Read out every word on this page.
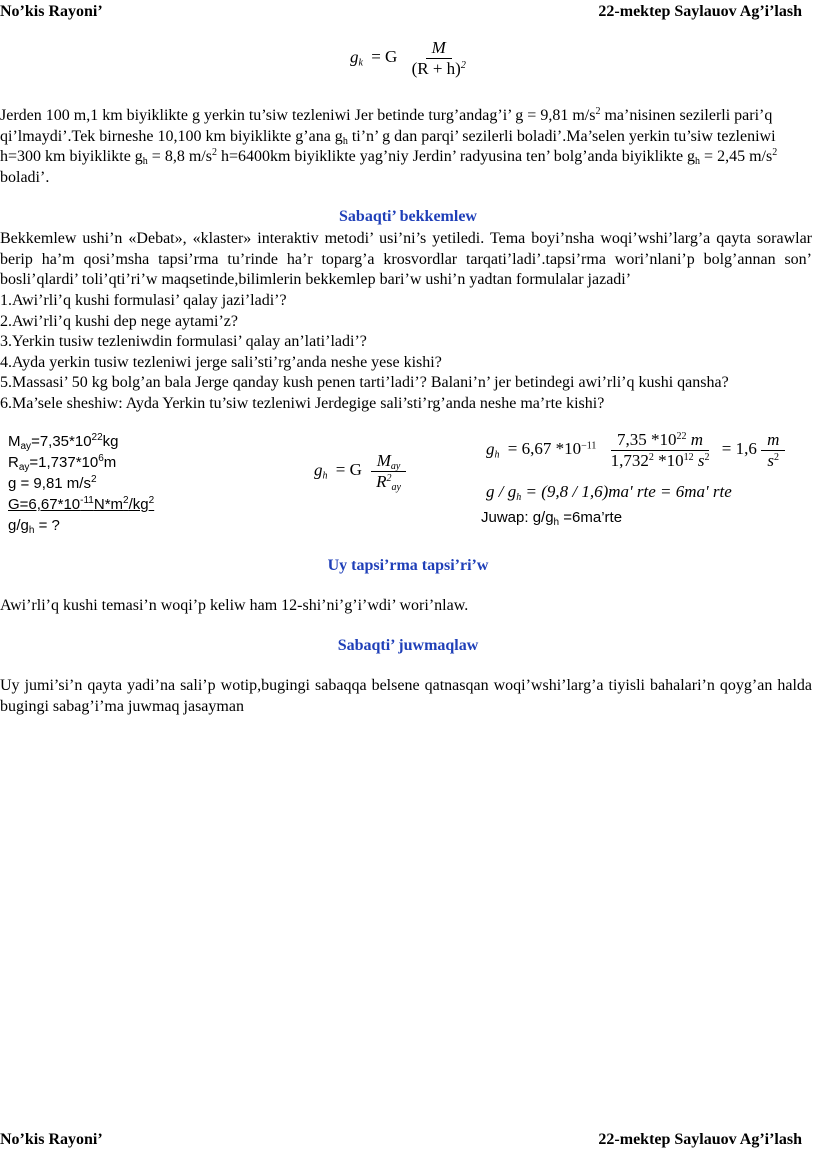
No’kis Rayoni’	22-mektep Saylauov Ag’i’lash
$g_k = G \frac{M}{(R + h)^2}$
Jerden 100 m,1 km biyiklikte g yerkin tu’siw tezleniwi Jer betinde turg’andag’i’ g = 9,81 $m/s^2$ ma’nisinen sezilerli pari’q qi’lmaydi’.Tek birneshe 10,100 km biyiklikte g’ana $g_h$ ti’n’ g dan parqi’ sezilerli boladi’.Ma’selen yerkin tu’siw tezleniwi h=300 km biyiklikte $g_h = 8,8$ $m/s^2$ h=6400km biyiklikte yag’niy Jerdin’ radyusina ten’ bolg’anda biyiklikte $g_h = 2,45$ $m/s^2$ boladi’.
Sabaqti’ bekkemlew
Bekkemlew ushi’n «Debat», «klaster» interaktiv metodi’ usi’ni’s yetiledi. Tema boyi’nsha woqi’wshi’larg’a qayta sorawlar berip ha’m qosi’msha tapsi’rma tu’rinde ha’r toparg’a krosvordlar tarqati’ladi’.tapsi’rma wori’nlani’p bolg’annan son’ bosli’qlardi’ toli’qti’ri’w maqsetinde,bilimlerin bekkemlep bari’w ushi’n yadtan formulalar jazadi’
1.Awi’rli’q kushi formulasi’ qalay jazi’ladi’?
2.Awi’rli’q kushi dep nege aytami’z?
3.Yerkin tusiw tezleniwdin formulasi’ qalay an’lati’ladi’?
4.Ayda yerkin tusiw tezleniwi jerge sali’sti’rg’anda neshe yese kishi?
5.Massasi’ 50 kg bolg’an bala Jerge qanday kush penen tarti’ladi’? Balani’n’ jer betindegi awi’rli’q kushi qansha?
6.Ma’sele sheshiw: Ayda Yerkin tu’siw tezleniwi Jerdegige sali’sti’rg’anda neshe ma’rte kishi?
$M_{ay}=7,35*10^{22}kg$
$R_{ay}=1,737*10^6m$
g = 9,81 $m/s^2$
$G=6,67*10^{-11}N*m^2/kg^2$
$g/g_h$ = ?
$g_h = G \frac{M_{ay}}{R^2_{ay}}$
$g_h = 6,67$ $*10^{-11} \frac{7,35 *10^{22} m}{1,732^2 *10^{12} s^2} = 1,6 \frac{m}{s^2}$
$g / g_h = (9,8 / 1,6)ma'$ rte = 6ma' rte
Juwap: $g/g_h$ =6ma’rte
Uy tapsi’rma tapsi’ri’w
Awi’rli’q kushi temasi’n woqi’p keliw ham 12-shi’ni’g’i’wdi’ wori’nlaw.
Sabaqti’ juwmaqlaw
Uy jumi’si’n qayta yadi’na sali’p wotip,bugingi sabaqqa belsene qatnasqan woqi’wshi’larg’a tiyisli bahalari’n qoyg’an halda bugingi sabag’i’ma juwmaq jasayman
No’kis Rayoni’	22-mektep Saylauov Ag’i’lash
